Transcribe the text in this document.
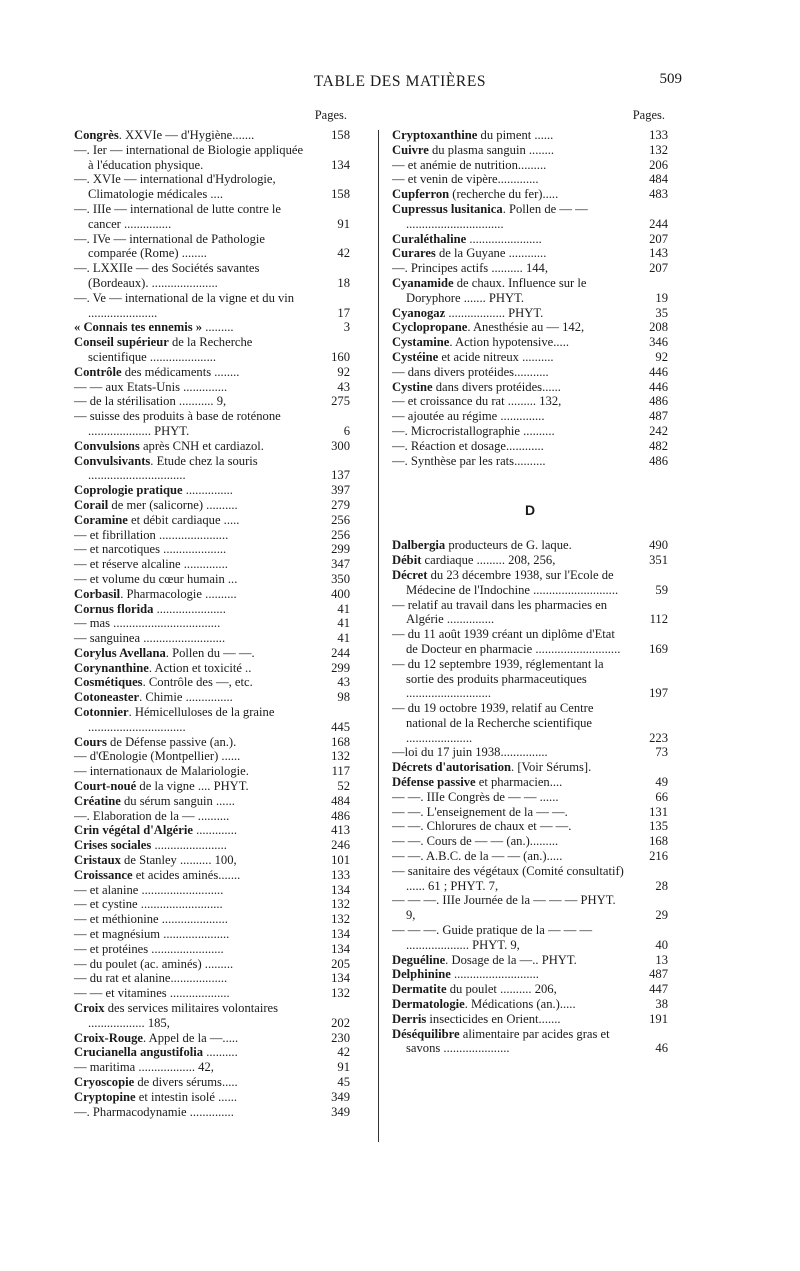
TABLE DES MATIÈRES	509
Pages.
Congrès. XXVIe — d'Hygiène.......	158
—. Ier — international de Biologie appliquée à l'éducation physique.	134
—. XVIe — international d'Hydrologie, Climatologie médicales ....	158
—. IIIe — international de lutte contre le cancer ...............	91
—. IVe — international de Pathologie comparée (Rome) ........	42
—. LXXIIe — des Sociétés savantes (Bordeaux). .....................	18
—. Ve — international de la vigne et du vin ......................	17
« Connais tes ennemis » .........	3
Conseil supérieur de la Recherche scientifique .....................	160
Contrôle des médicaments ........	92
— — aux Etats-Unis ..............	43
— de la stérilisation ........... 9,	275
— suisse des produits à base de roténone .................... PHYT.	6
Convulsions après CNH et cardiazol.	300
Convulsivants. Etude chez la souris ...............................	137
Coprologie pratique ...............	397
Corail de mer (salicorne) ..........	279
Coramine et débit cardiaque .....	256
— et fibrillation ......................	256
— et narcotiques ....................	299
— et réserve alcaline ..............	347
— et volume du cœur humain ...	350
Corbasil. Pharmacologie ..........	400
Cornus florida ......................	41
— mas ..................................	41
— sanguinea ..........................	41
Corylus Avellana. Pollen du — —.	244
Corynanthine. Action et toxicité ..	299
Cosmétiques. Contrôle des —, etc.	43
Cotoneaster. Chimie ...............	98
Cotonnier. Hémicelluloses de la graine ...............................	445
Cours de Défense passive (an.).	168
— d'Œnologie (Montpellier) ......	132
— internationaux de Malariologie.	117
Court-noué de la vigne .... PHYT.	52
Créatine du sérum sanguin ......	484
—. Elaboration de la — ..........	486
Crin végétal d'Algérie .............	413
Crises sociales .......................	246
Cristaux de Stanley .......... 100,	101
Croissance et acides aminés.......	133
— et alanine ..........................	134
— et cystine ..........................	132
— et méthionine .....................	132
— et magnésium .....................	134
— et protéines .......................	134
— du poulet (ac. aminés) .........	205
— du rat et alanine..................	134
— — et vitamines ...................	132
Croix des services militaires volontaires .................. 185,	202
Croix-Rouge. Appel de la —.....	230
Crucianella angustifolia ..........	42
— maritima .................. 42,	91
Cryoscopie de divers sérums.....	45
Cryptopine et intestin isolé ......	349
—. Pharmacodynamie ..............	349
Pages.
Cryptoxanthine du piment ......	133
Cuivre du plasma sanguin ........	132
— et anémie de nutrition.........	206
— et venin de vipère.............	484
Cupferron (recherche du fer).....	483
Cupressus lusitanica. Pollen de — — ...............................	244
Curaléthaline .......................	207
Curares de la Guyane ............	143
—. Principes actifs .......... 144,	207
Cyanamide de chaux. Influence sur le Doryphore ....... PHYT.	19
Cyanogaz .................. PHYT.	35
Cyclopropane. Anesthésie au — 142,	208
Cystamine. Action hypotensive.....	346
Cystéine et acide nitreux ..........	92
— dans divers protéides...........	446
Cystine dans divers protéides......	446
— et croissance du rat ......... 132,	486
— ajoutée au régime ..............	487
—. Microcristallographie ..........	242
—. Réaction et dosage............	482
—. Synthèse par les rats..........	486
D
Dalbergia producteurs de G. laque.	490
Débit cardiaque ......... 208, 256,	351
Décret du 23 décembre 1938, sur l'Ecole de Médecine de l'Indochine ...........................	59
— relatif au travail dans les pharmacies en Algérie ...............	112
— du 11 août 1939 créant un diplôme d'Etat de Docteur en pharmacie ...........................	169
— du 12 septembre 1939, réglementant la sortie des produits pharmaceutiques ...........................	197
— du 19 octobre 1939, relatif au Centre national de la Recherche scientifique .....................	223
—loi du 17 juin 1938...............	73
Décrets d'autorisation. [Voir Sérums].
Défense passive et pharmacien....	49
— —. IIIe Congrès de — — ......	66
— —. L'enseignement de la — —.	131
— —. Chlorures de chaux et — —.	135
— —. Cours de — — (an.).........	168
— —. A.B.C. de la — — (an.).....	216
— sanitaire des végétaux (Comité consultatif) ...... 61 ; PHYT. 7,	28
— — —. IIIe Journée de la — — — PHYT. 9,	29
— — —. Guide pratique de la — — — .................... PHYT. 9,	40
Deguéline. Dosage de la —.. PHYT.	13
Delphinine ...........................	487
Dermatite du poulet .......... 206,	447
Dermatologie. Médications (an.).....	38
Derris insecticides en Orient.......	191
Déséquilibre alimentaire par acides gras et savons .....................	46
